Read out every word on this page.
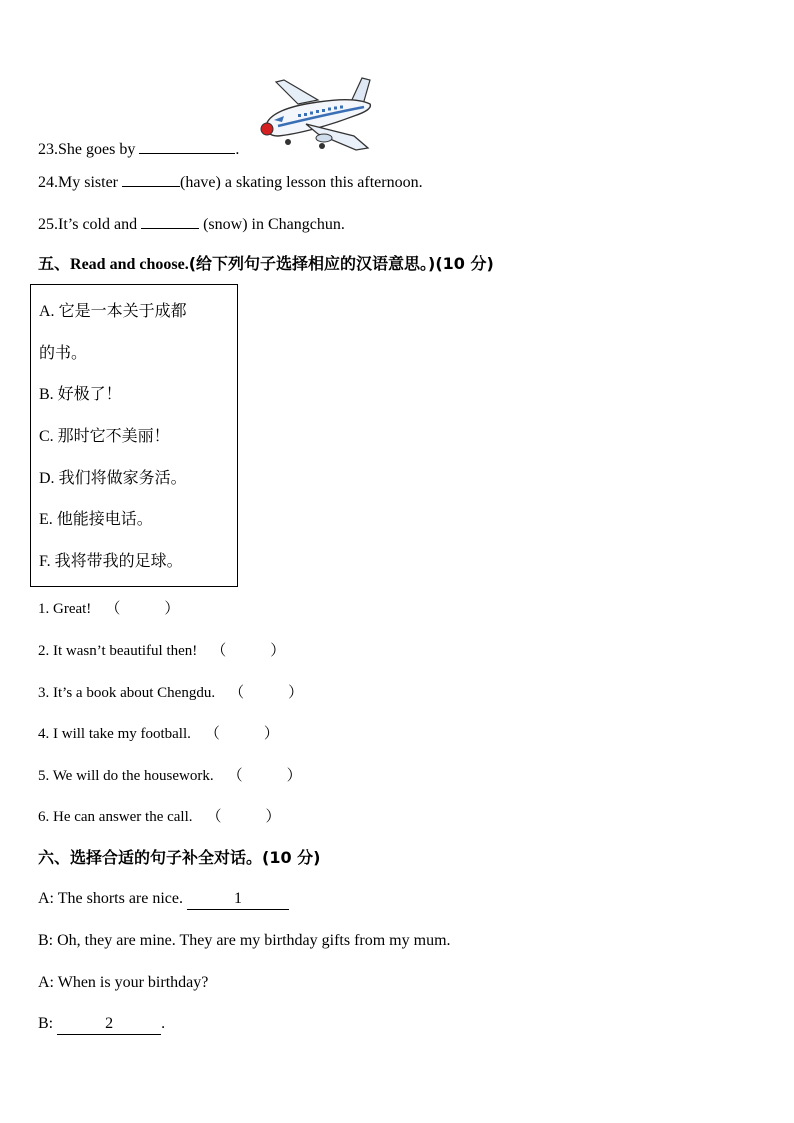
23.She goes by	.
24.My sister	(have) a skating lesson this afternoon.
25.It’s cold and	(snow) in Changchun.
五、Read and choose.(给下列句子选择相应的汉语意思。)(10 分)
A. 它是一本关于成都
的书。
B. 好极了！
C. 那时它不美丽！
D. 我们将做家务活。
E. 他能接电话。
F. 我将带我的足球。
1. Great! （	）
2. It wasn’t beautiful then! （	）
3. It’s a book about Chengdu. （	）
4. I will take my football. （	）
5. We will do the housework. （	）
6. He can answer the call. （	）
六、选择合适的句子补全对话。(10 分)
A: The shorts are nice.	1
B: Oh, they are mine. They are my birthday gifts from my mum.
A: When is your birthday?
B:	2	.
